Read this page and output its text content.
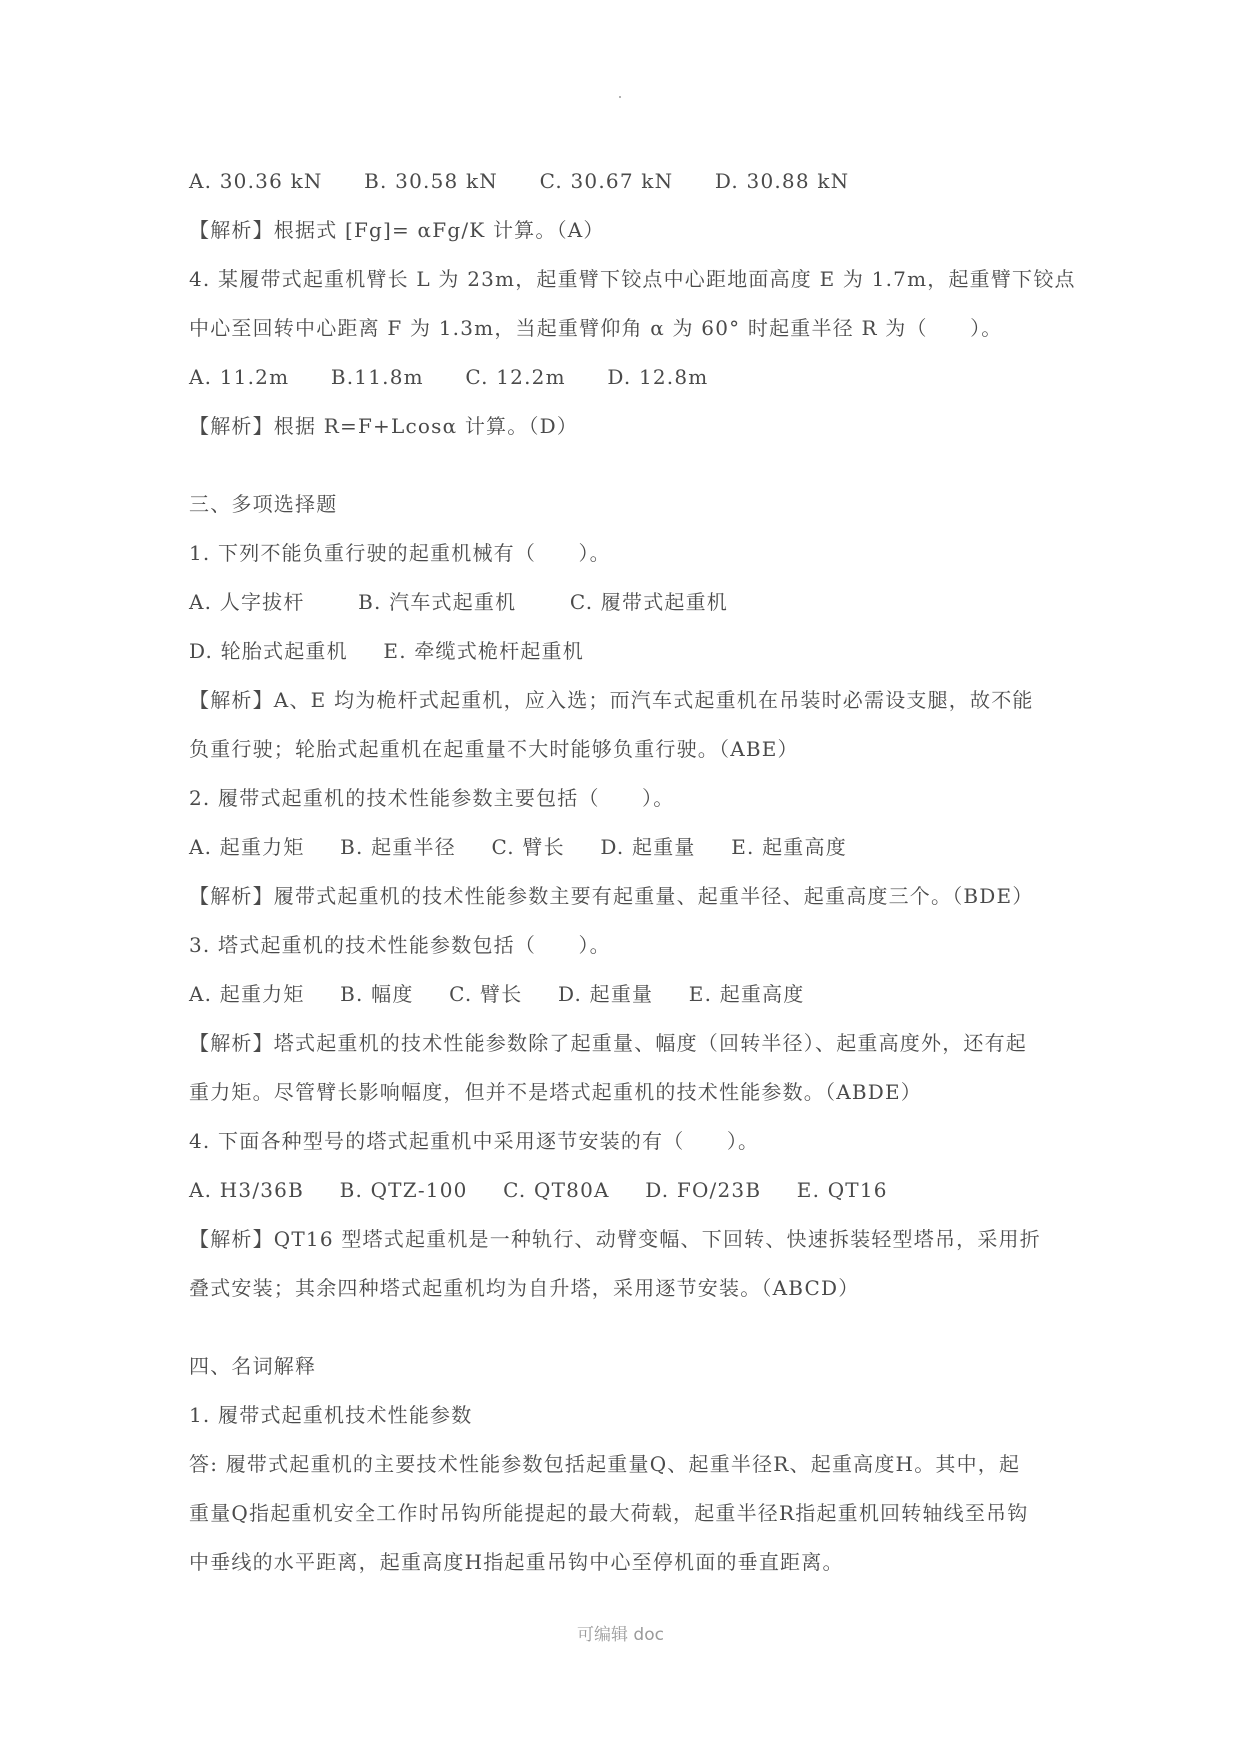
A. 30.36 kN B. 30.58 kN C. 30.67 kN D. 30.88 kN
【解析】根据式 [Fg]= αFg/K 计算。（A）
4. 某履带式起重机臂长 L 为 23m，起重臂下铰点中心距地面高度 E 为 1.7m，起重臂下铰点
中心至回转中心距离 F 为 1.3m，当起重臂仰角 α 为 60° 时起重半径 R 为（　　）。
A. 11.2m B.11.8m C. 12.2m D. 12.8m
【解析】根据 R=F+Lcosα 计算。（D）
三、多项选择题
1. 下列不能负重行驶的起重机械有（　　）。
A. 人字拔杆	B. 汽车式起重机	C. 履带式起重机
D. 轮胎式起重机 E. 牵缆式桅杆起重机
【解析】A、E 均为桅杆式起重机，应入选；而汽车式起重机在吊装时必需设支腿，故不能
负重行驶；轮胎式起重机在起重量不大时能够负重行驶。（ABE）
2. 履带式起重机的技术性能参数主要包括（　　）。
A. 起重力矩 B. 起重半径 C. 臂长 D. 起重量 E. 起重高度
【解析】履带式起重机的技术性能参数主要有起重量、起重半径、起重高度三个。（BDE）
3. 塔式起重机的技术性能参数包括（　　）。
A. 起重力矩 B. 幅度 C. 臂长 D. 起重量 E. 起重高度
【解析】塔式起重机的技术性能参数除了起重量、幅度（回转半径）、起重高度外，还有起
重力矩。尽管臂长影响幅度，但并不是塔式起重机的技术性能参数。（ABDE）
4. 下面各种型号的塔式起重机中采用逐节安装的有（　　）。
A. H3/36B B. QTZ-100 C. QT80A D. FO/23B E. QT16
【解析】QT16 型塔式起重机是一种轨行、动臂变幅、下回转、快速拆装轻型塔吊，采用折
叠式安装；其余四种塔式起重机均为自升塔，采用逐节安装。（ABCD）
四、名词解释
1. 履带式起重机技术性能参数
答: 履带式起重机的主要技术性能参数包括起重量Q、起重半径R、起重高度H。其中，起
重量Q指起重机安全工作时吊钩所能提起的最大荷载，起重半径R指起重机回转轴线至吊钩
中垂线的水平距离，起重高度H指起重吊钩中心至停机面的垂直距离。
可编辑 doc
